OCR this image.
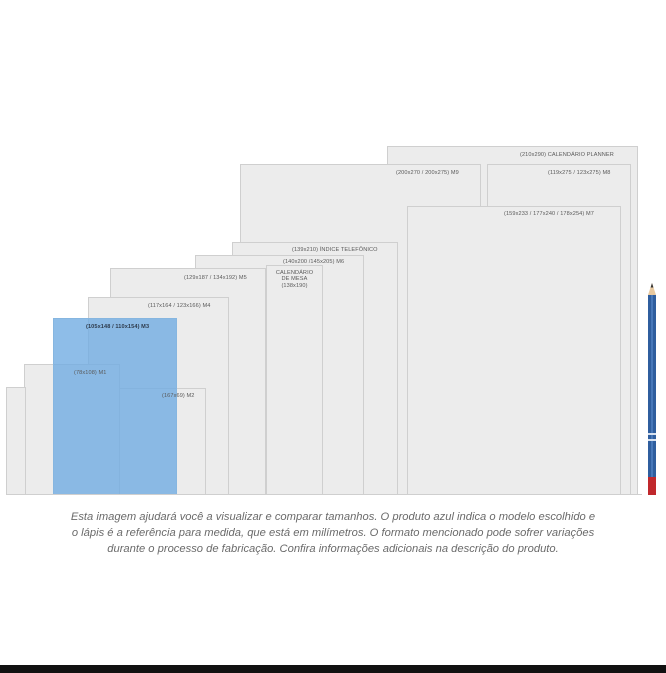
(210x290) CALENDÁRIO PLANNER
(200x270 / 200x275) M9	(119x275 / 123x275) M8
(159x233 / 177x240 / 178x254) M7
(139x210) ÍNDICE TELEFÔNICO
(140x200 /145x205) M6
(129x187 / 134x192) M5
CALENDÁRIO
DE MESA
(138x190)
(117x164 / 123x166) M4
(105x148 / 110x154) M3
(78x108) M1
(167x69) M2
Esta imagem ajudará você a visualizar e comparar tamanhos. O produto azul indica o modelo escolhido e
o lápis é a referência para medida, que está em milímetros. O formato mencionado pode sofrer variações
durante o processo de fabricação. Confira informações adicionais na descrição do produto.
